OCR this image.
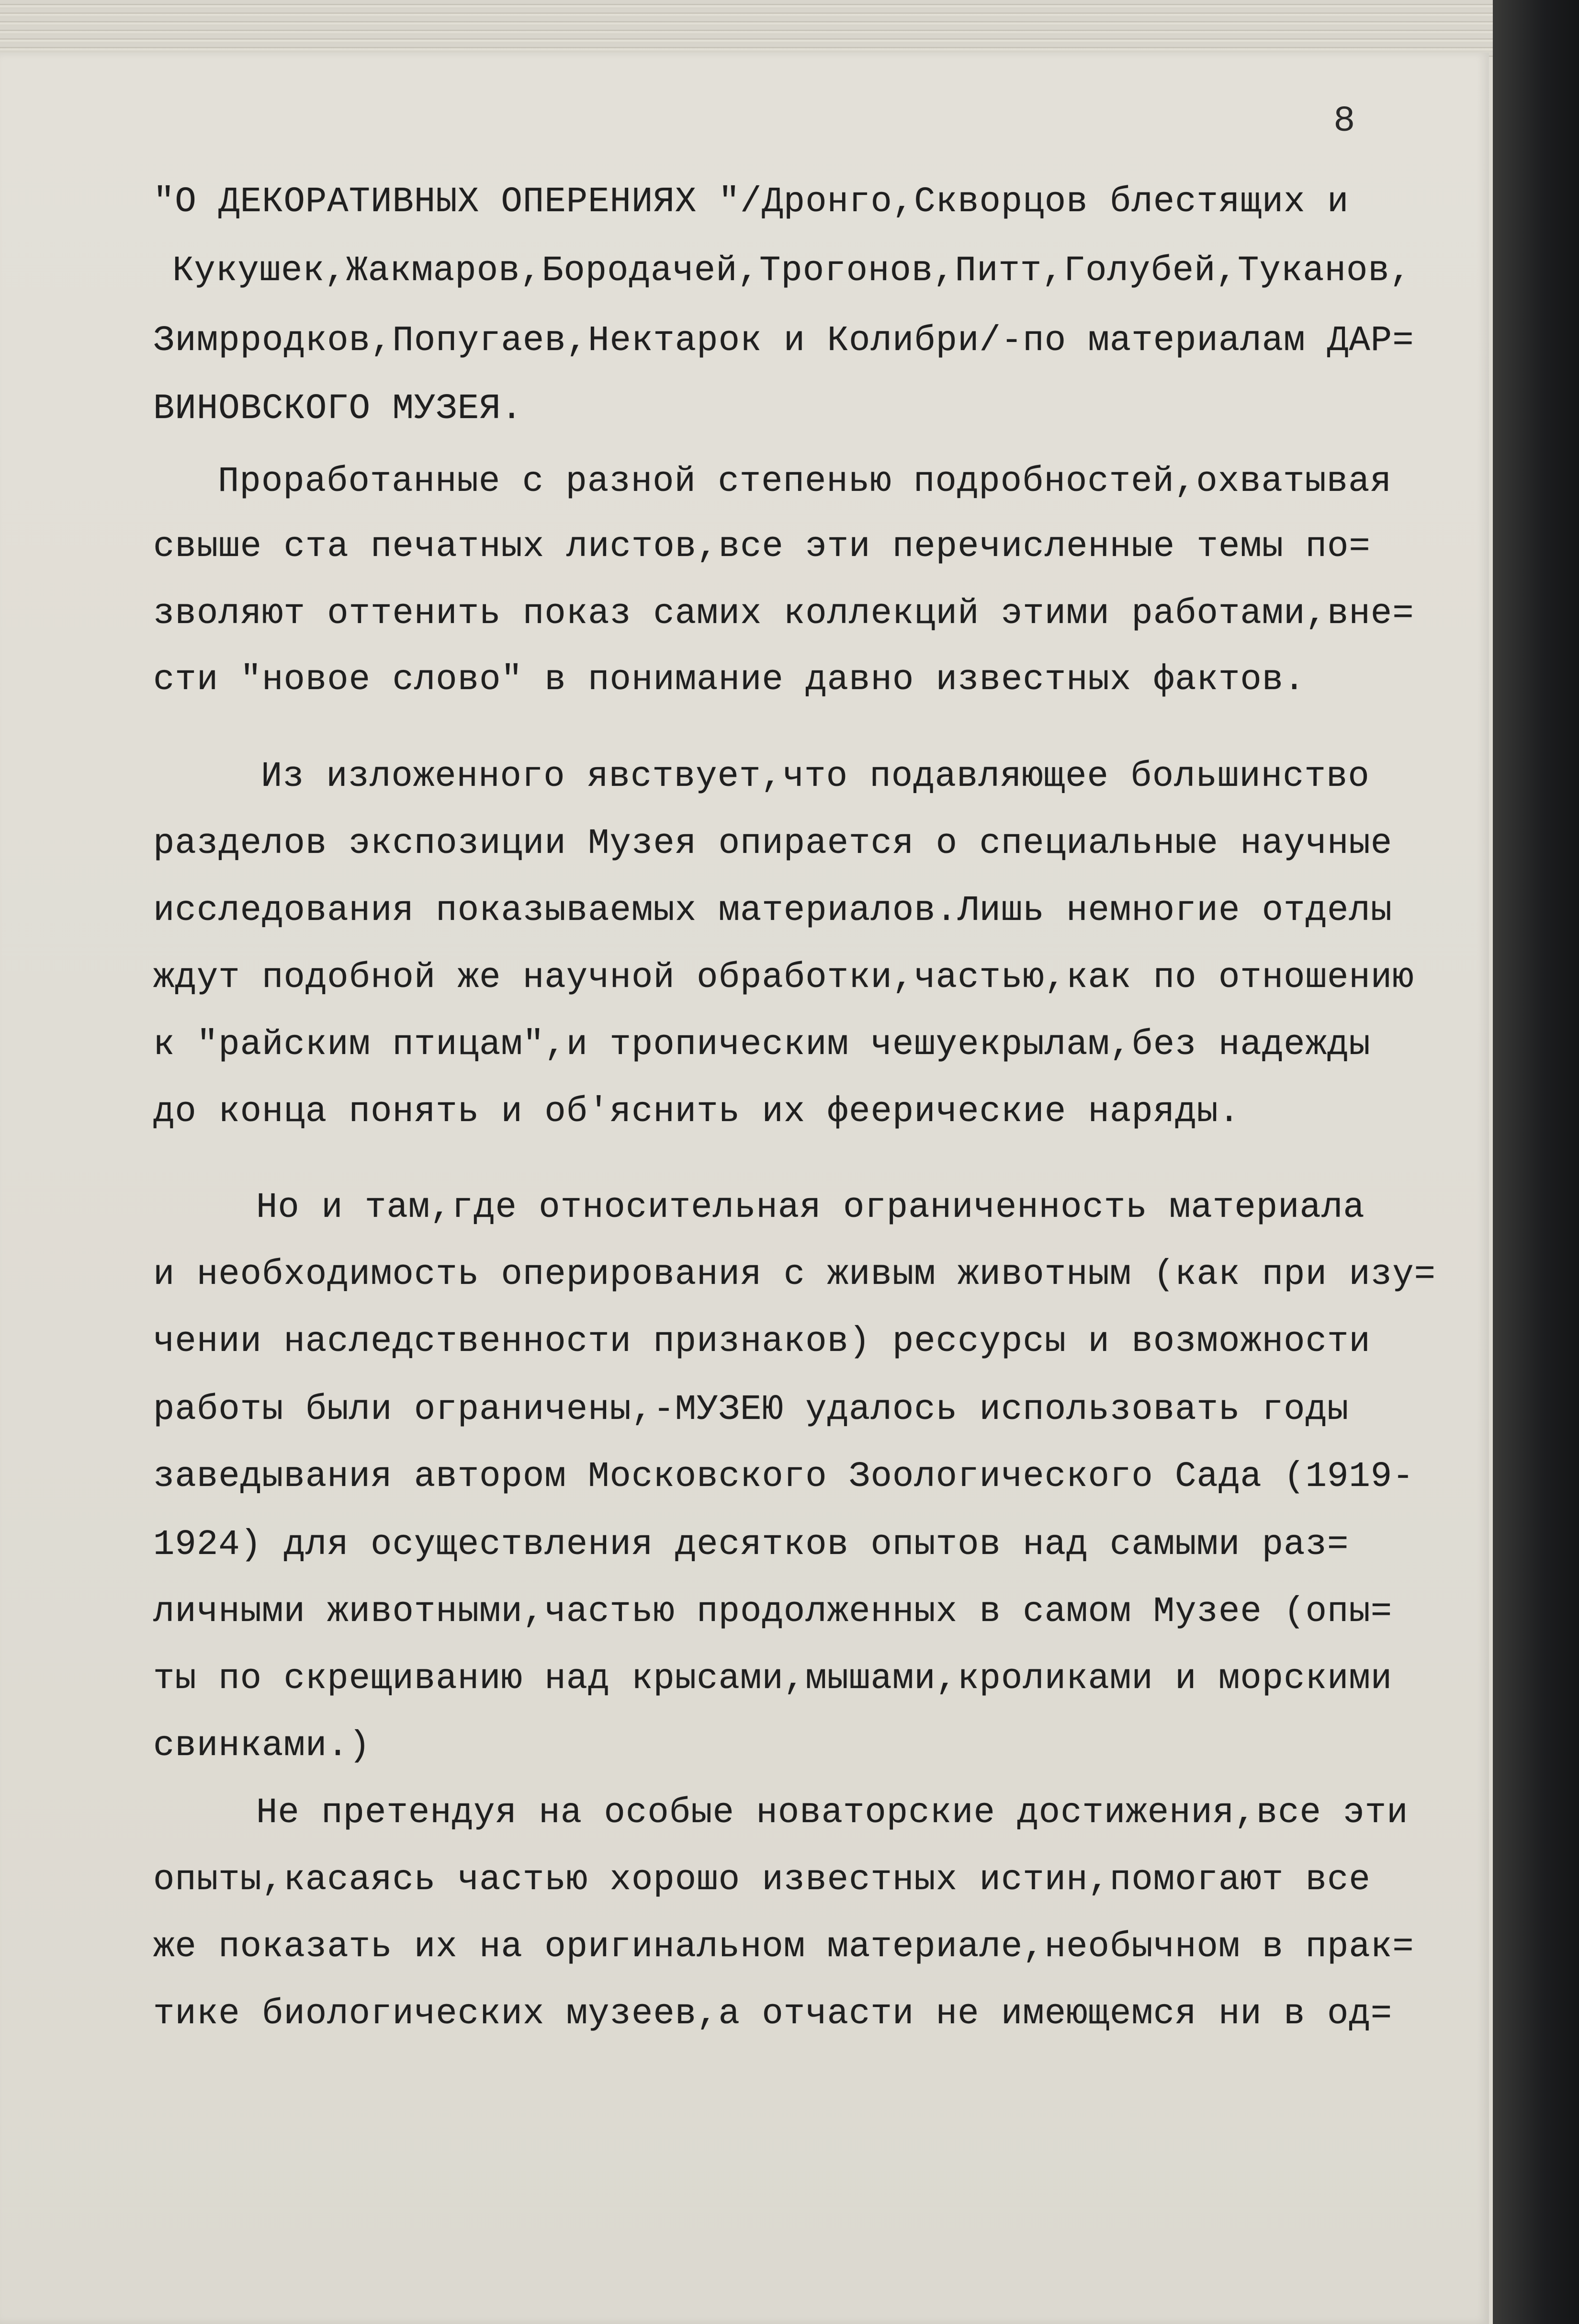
8
"О ДЕКОРАТИВНЫХ ОПЕРЕНИЯХ "/Дронго,Скворцов блестящих и
Кукушек,Жакмаров,Бородачей,Трогонов,Питт,Голубей,Туканов,
Зимрродков,Попугаев,Нектарок и Колибри/-по материалам ДАР=
ВИНОВСКОГО МУЗЕЯ.
Проработанные с разной степенью подробностей,охватывая
свыше ста печатных листов,все эти перечисленные темы по=
зволяют оттенить показ самих коллекций этими работами,внe=
сти "новое слово" в понимание давно известных фактов.
Из изложенного явствует,что подавляющее большинство
разделов экспозиции Музея опирается о специальные научные
исследования показываемых материалов.Лишь немногие отделы
ждут подобной же научной обработки,частью,как по отношению
к "райским птицам",и тропическим чешуекрылам,без надежды
до конца понять и об'яснить их феерические наряды.
Но и там,где относительная ограниченность материала
и необходимость оперирования с живым животным (как при изу=
чении наследственности признаков) рессурсы и возможности
работы были ограничены,-МУЗЕЮ удалось использовать годы
заведывания автором Московского Зоологического Сада (1919-
1924) для осуществления десятков опытов над самыми раз=
личными животными,частью продолженных в самом Музее (опы=
ты по скрещиванию над крысами,мышами,кроликами и морскими
свинками.)
Не претендуя на особые новаторские достижения,все эти
опыты,касаясь частью хорошо известных истин,помогают все
же показать их на оригинальном материале,необычном в прак=
тике биологических музеев,а отчасти не имеющемся ни в од=
